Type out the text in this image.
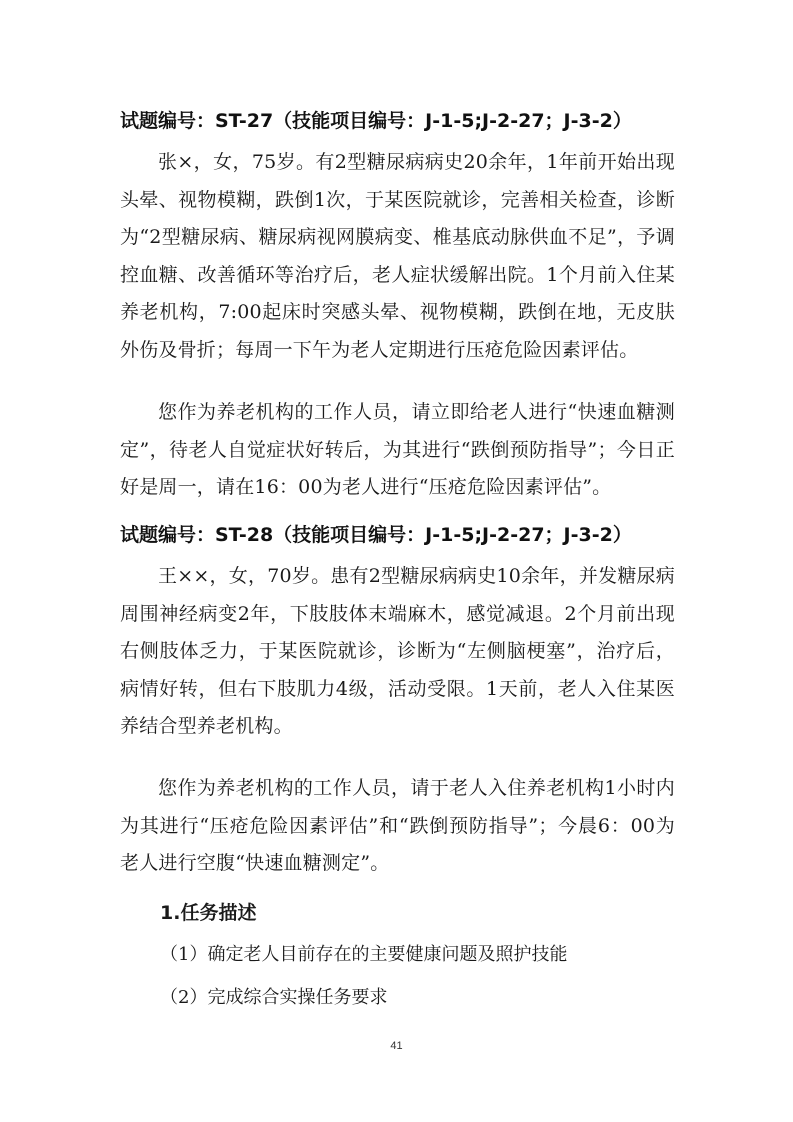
试题编号：ST-27（技能项目编号：J-1-5;J-2-27；J-3-2）
张×，女，75岁。有2型糖尿病病史20余年，1年前开始出现头晕、视物模糊，跌倒1次，于某医院就诊，完善相关检查，诊断为“2型糖尿病、糖尿病视网膜病变、椎基底动脉供血不足”，予调控血糖、改善循环等治疗后，老人症状缓解出院。1个月前入住某养老机构，7:00起床时突感头晕、视物模糊，跌倒在地，无皮肤外伤及骨折；每周一下午为老人定期进行压疮危险因素评估。
您作为养老机构的工作人员，请立即给老人进行“快速血糖测定”，待老人自觉症状好转后，为其进行“跌倒预防指导”；今日正好是周一，请在16：00为老人进行“压疮危险因素评估”。
试题编号：ST-28（技能项目编号：J-1-5;J-2-27；J-3-2）
王××，女，70岁。患有2型糖尿病病史10余年，并发糖尿病周围神经病变2年，下肢肢体末端麻木，感觉减退。2个月前出现右侧肢体乏力，于某医院就诊，诊断为“左侧脑梗塞”，治疗后，病情好转，但右下肢肌力4级，活动受限。1天前，老人入住某医养结合型养老机构。
您作为养老机构的工作人员，请于老人入住养老机构1小时内为其进行“压疮危险因素评估”和“跌倒预防指导”；今晨6：00为老人进行空腹“快速血糖测定”。
1.任务描述
（1）确定老人目前存在的主要健康问题及照护技能
（2）完成综合实操任务要求
41
